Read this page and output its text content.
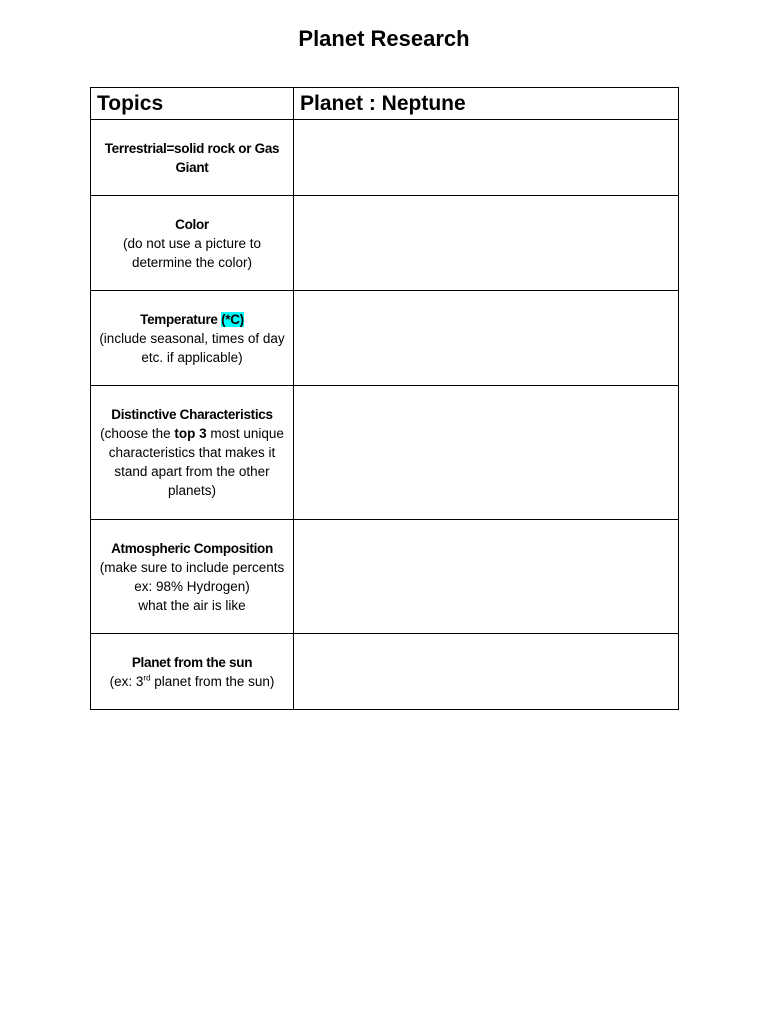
Planet Research
Topics	Planet : Neptune

Terrestrial=solid rock or Gas Giant	

Color
(do not use a picture to determine the color)	

Temperature (*C)
(include seasonal, times of day etc. if applicable)	

Distinctive Characteristics
(choose the top 3 most unique characteristics that makes it stand apart from the other planets)	

Atmospheric Composition
(make sure to include percents ex: 98% Hydrogen)
what the air is like	

Planet from the sun
(ex: 3rd planet from the sun)	
